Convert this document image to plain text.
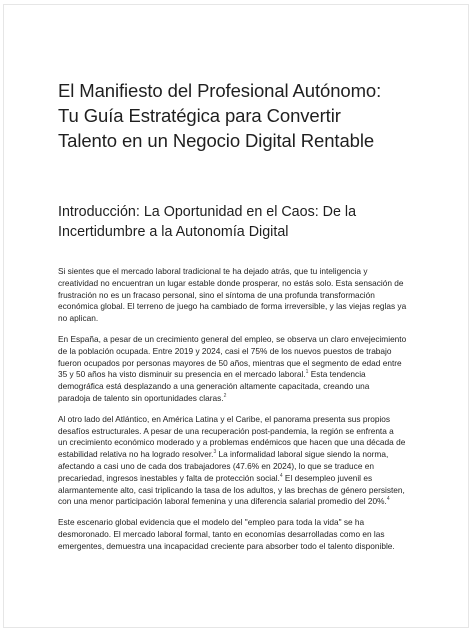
El Manifiesto del Profesional Autónomo:
Tu Guía Estratégica para Convertir
Talento en un Negocio Digital Rentable
Introducción: La Oportunidad en el Caos: De la
Incertidumbre a la Autonomía Digital

Si sientes que el mercado laboral tradicional te ha dejado atrás, que tu inteligencia y
creatividad no encuentran un lugar estable donde prosperar, no estás solo. Esta sensación de
frustración no es un fracaso personal, sino el síntoma de una profunda transformación
económica global. El terreno de juego ha cambiado de forma irreversible, y las viejas reglas ya
no aplican.

En España, a pesar de un crecimiento general del empleo, se observa un claro envejecimiento
de la población ocupada. Entre 2019 y 2024, casi el 75% de los nuevos puestos de trabajo
fueron ocupados por personas mayores de 50 años, mientras que el segmento de edad entre
35 y 50 años ha visto disminuir su presencia en el mercado laboral.$^1$ Esta tendencia
demográfica está desplazando a una generación altamente capacitada, creando una
paradoja de talento sin oportunidades claras.$^2$

Al otro lado del Atlántico, en América Latina y el Caribe, el panorama presenta sus propios
desafíos estructurales. A pesar de una recuperación post-pandemia, la región se enfrenta a
un crecimiento económico moderado y a problemas endémicos que hacen que una década de
estabilidad relativa no ha logrado resolver.$^3$ La informalidad laboral sigue siendo la norma,
afectando a casi uno de cada dos trabajadores (47.6% en 2024), lo que se traduce en
precariedad, ingresos inestables y falta de protección social.$^4$ El desempleo juvenil es
alarmantemente alto, casi triplicando la tasa de los adultos, y las brechas de género persisten,
con una menor participación laboral femenina y una diferencia salarial promedio del 20%.$^4$

Este escenario global evidencia que el modelo del "empleo para toda la vida" se ha
desmoronado. El mercado laboral formal, tanto en economías desarrolladas como en las
emergentes, demuestra una incapacidad creciente para absorber todo el talento disponible.
